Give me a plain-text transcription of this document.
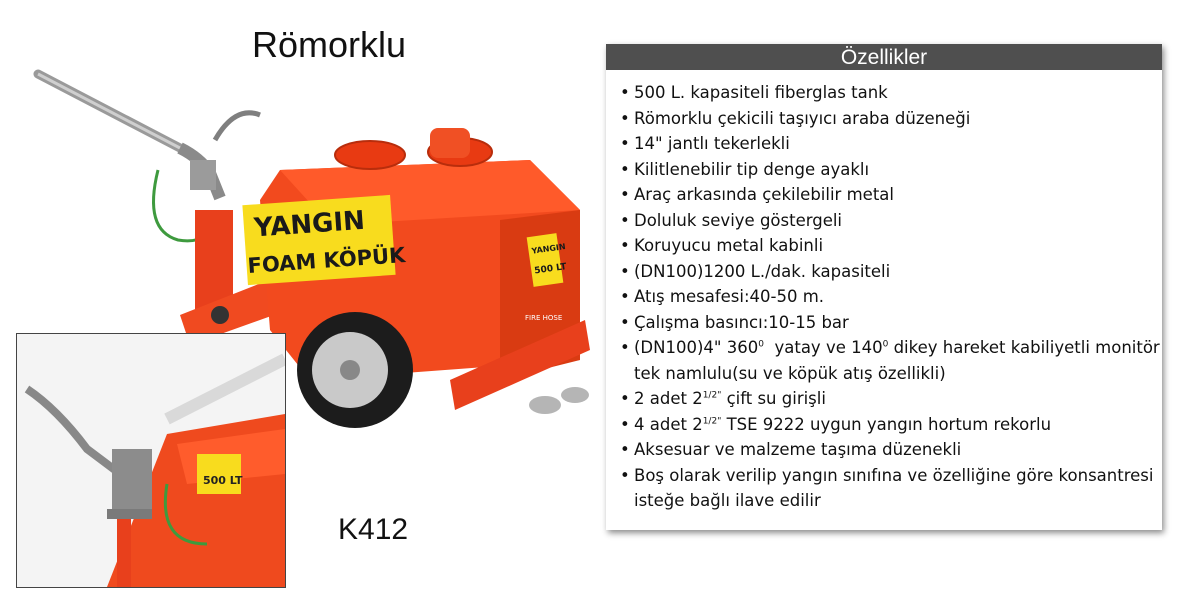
Römorklu
YANGIN
FOAM KÖPÜK	YANGIN
500 LT
FIRE HOSE
500 LT
K412
Özellikler
• 500 L. kapasiteli fiberglas tank
• Römorklu çekicili taşıyıcı araba düzeneği
• 14" jantlı tekerlekli
• Kilitlenebilir tip denge ayaklı
• Araç arkasında çekilebilir metal
• Doluluk seviye göstergeli
• Koruyucu metal kabinli
• (DN100)1200 L./dak. kapasiteli
• Atış mesafesi:40-50 m.
• Çalışma basıncı:10-15 bar
• (DN100)4" $360^0$  yatay ve $140^0$ dikey hareket kabiliyetli monitör
tek namlulu(su ve köpük atış özellikli)
• 2 adet $2^{1/2"}$ çift su girişli
• 4 adet $2^{1/2"}$ TSE 9222 uygun yangın hortum rekorlu
• Aksesuar ve malzeme taşıma düzenekli
• Boş olarak verilip yangın sınıfına ve özelliğine göre konsantresi
isteğe bağlı ilave edilir
